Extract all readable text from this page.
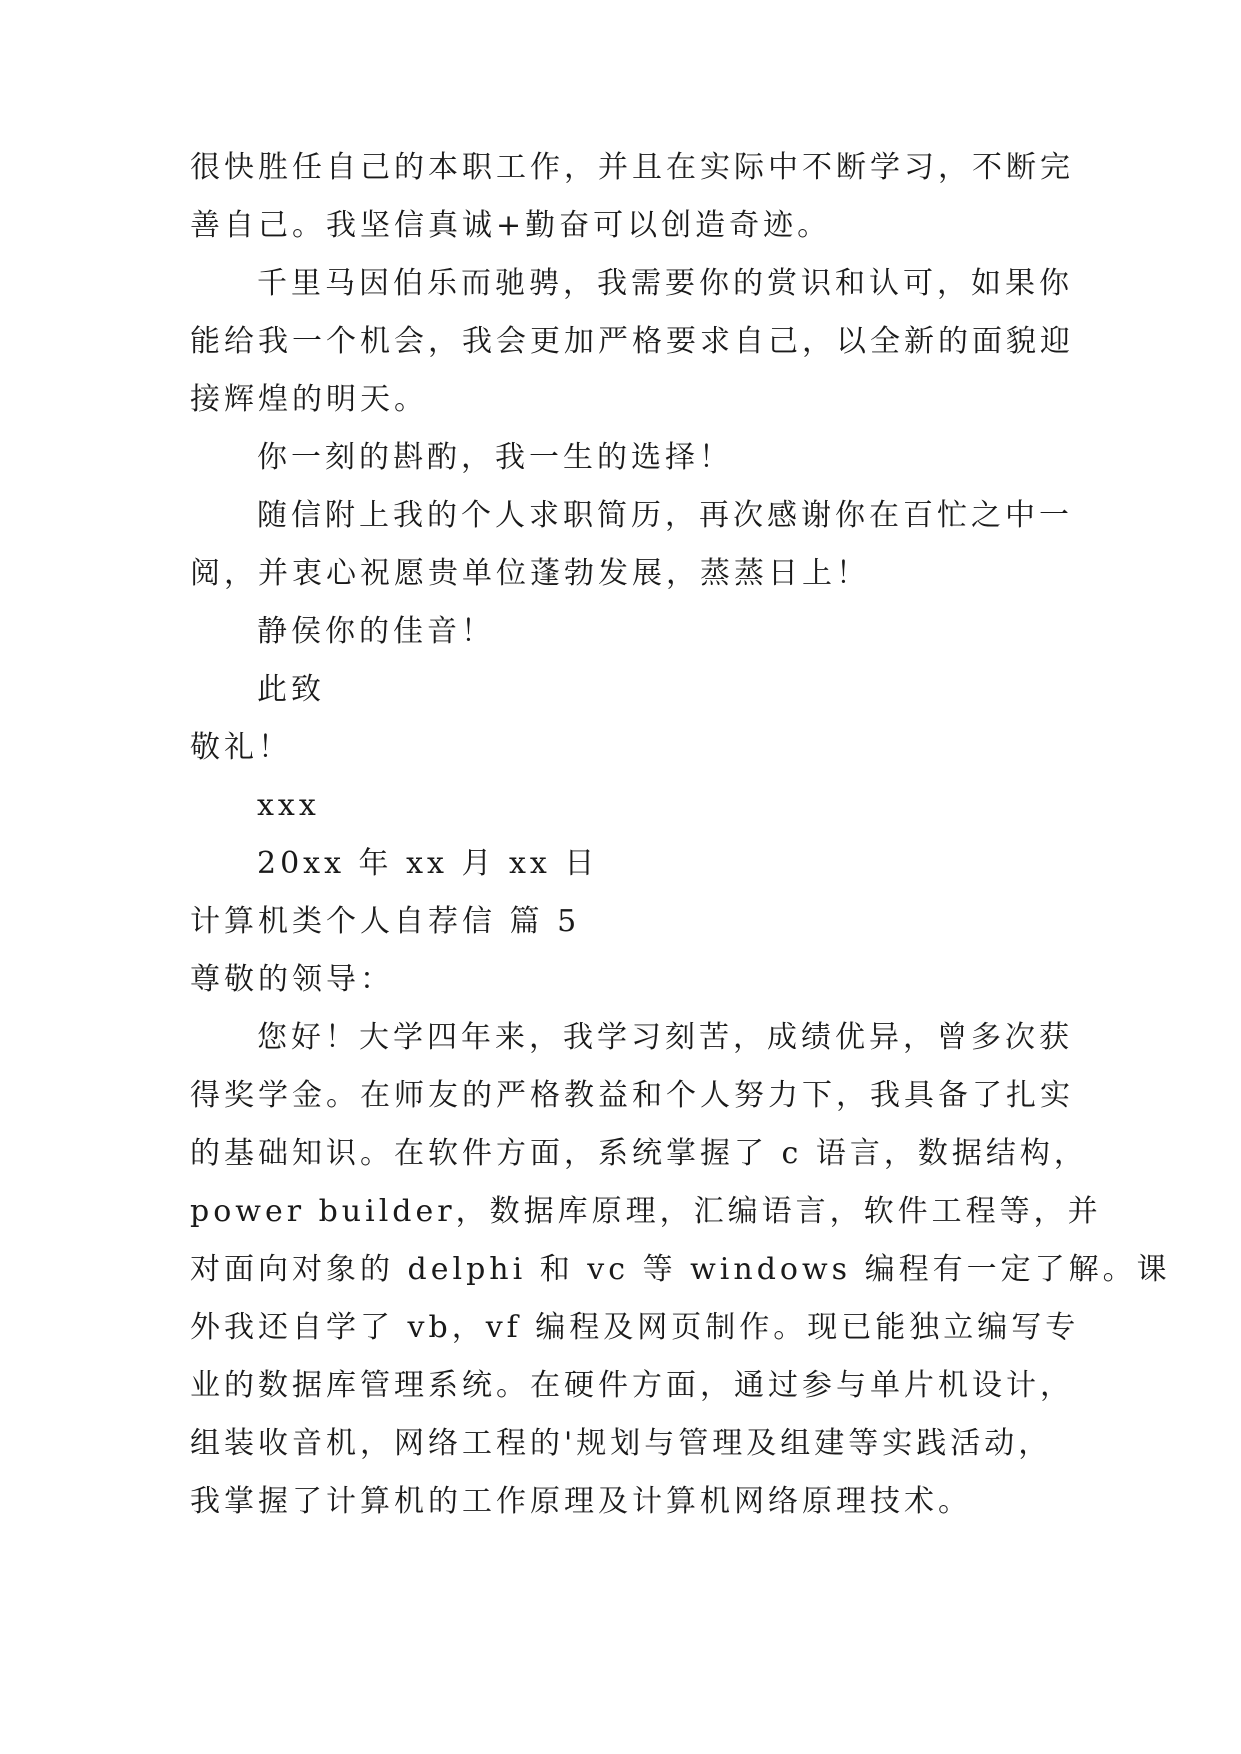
很快胜任自己的本职工作，并且在实际中不断学习，不断完
善自己。我坚信真诚+勤奋可以创造奇迹。
千里马因伯乐而驰骋，我需要你的赏识和认可，如果你
能给我一个机会，我会更加严格要求自己，以全新的面貌迎
接辉煌的明天。
你一刻的斟酌，我一生的选择！
随信附上我的个人求职简历，再次感谢你在百忙之中一
阅，并衷心祝愿贵单位蓬勃发展，蒸蒸日上！
静侯你的佳音！
此致
敬礼！
xxx
20xx 年 xx 月 xx 日
计算机类个人自荐信 篇 5
尊敬的领导：
您好！大学四年来，我学习刻苦，成绩优异，曾多次获
得奖学金。在师友的严格教益和个人努力下，我具备了扎实
的基础知识。在软件方面，系统掌握了 c 语言，数据结构，
power builder，数据库原理，汇编语言，软件工程等，并
对面向对象的 delphi 和 vc 等 windows 编程有一定了解。课
外我还自学了 vb，vf 编程及网页制作。现已能独立编写专
业的数据库管理系统。在硬件方面，通过参与单片机设计，
组装收音机，网络工程的'规划与管理及组建等实践活动，
我掌握了计算机的工作原理及计算机网络原理技术。
